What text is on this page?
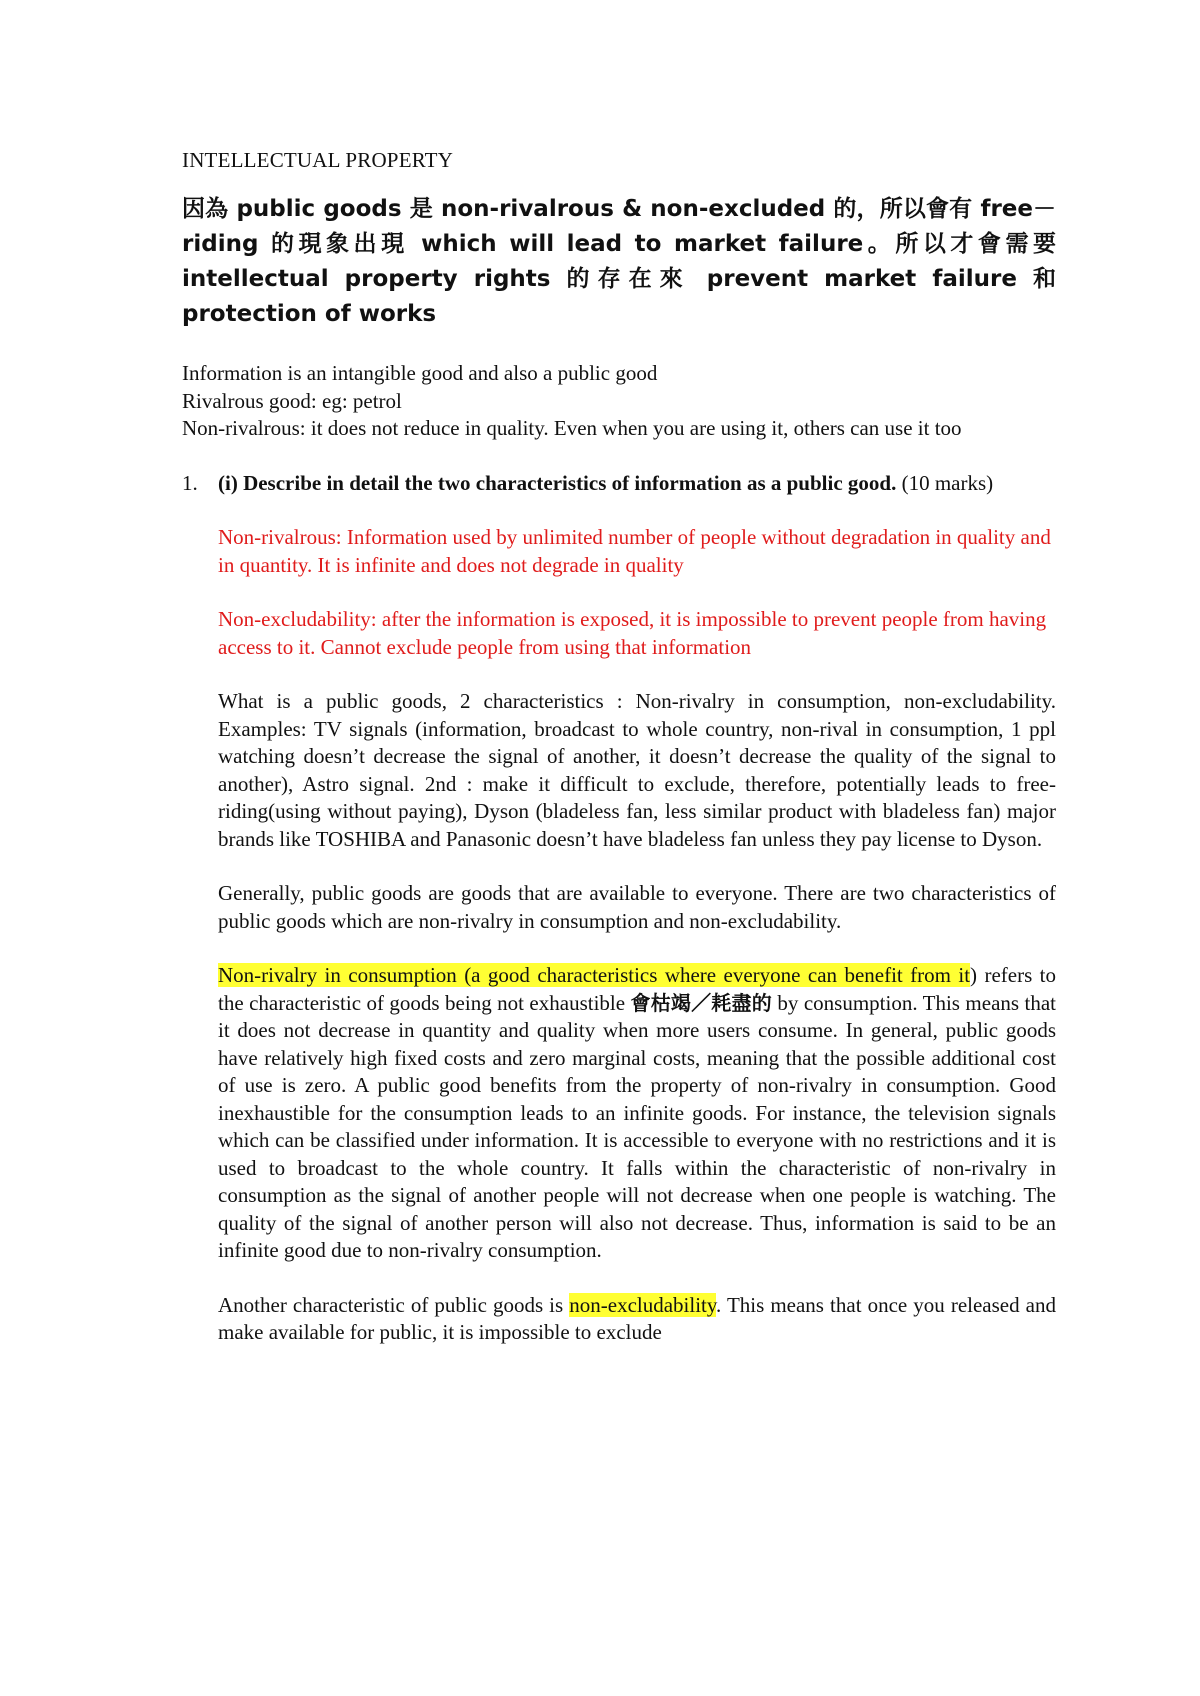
INTELLECTUAL PROPERTY
因為 public goods 是 non-rivalrous & non-excluded 的，所以會有 free－riding 的現象出現 which will lead to market failure。所以才會需要 intellectual property rights 的存在來 prevent market failure 和 protection of works
Information is an intangible good and also a public good
Rivalrous good: eg: petrol
Non-rivalrous: it does not reduce in quality. Even when you are using it, others can use it too
1. (i) Describe in detail the two characteristics of information as a public good. (10 marks)

Non-rivalrous: Information used by unlimited number of people without degradation in quality and in quantity. It is infinite and does not degrade in quality

Non-excludability: after the information is exposed, it is impossible to prevent people from having access to it. Cannot exclude people from using that information

What is a public goods, 2 characteristics : Non-rivalry in consumption, non-excludability. Examples: TV signals (information, broadcast to whole country, non-rival in consumption, 1 ppl watching doesn’t decrease the signal of another, it doesn’t decrease the quality of the signal to another), Astro signal. 2nd : make it difficult to exclude, therefore, potentially leads to free-riding(using without paying), Dyson (bladeless fan, less similar product with bladeless fan) major brands like TOSHIBA and Panasonic doesn’t have bladeless fan unless they pay license to Dyson.

Generally, public goods are goods that are available to everyone. There are two characteristics of public goods which are non-rivalry in consumption and non-excludability.

Non-rivalry in consumption (a good characteristics where everyone can benefit from it) refers to the characteristic of goods being not exhaustible 會枯竭／耗盡的 by consumption. This means that it does not decrease in quantity and quality when more users consume. In general, public goods have relatively high fixed costs and zero marginal costs, meaning that the possible additional cost of use is zero. A public good benefits from the property of non-rivalry in consumption. Good inexhaustible for the consumption leads to an infinite goods. For instance, the television signals which can be classified under information. It is accessible to everyone with no restrictions and it is used to broadcast to the whole country. It falls within the characteristic of non-rivalry in consumption as the signal of another people will not decrease when one people is watching. The quality of the signal of another person will also not decrease. Thus, information is said to be an infinite good due to non-rivalry consumption.

Another characteristic of public goods is non-excludability. This means that once you released and make available for public, it is impossible to exclude
